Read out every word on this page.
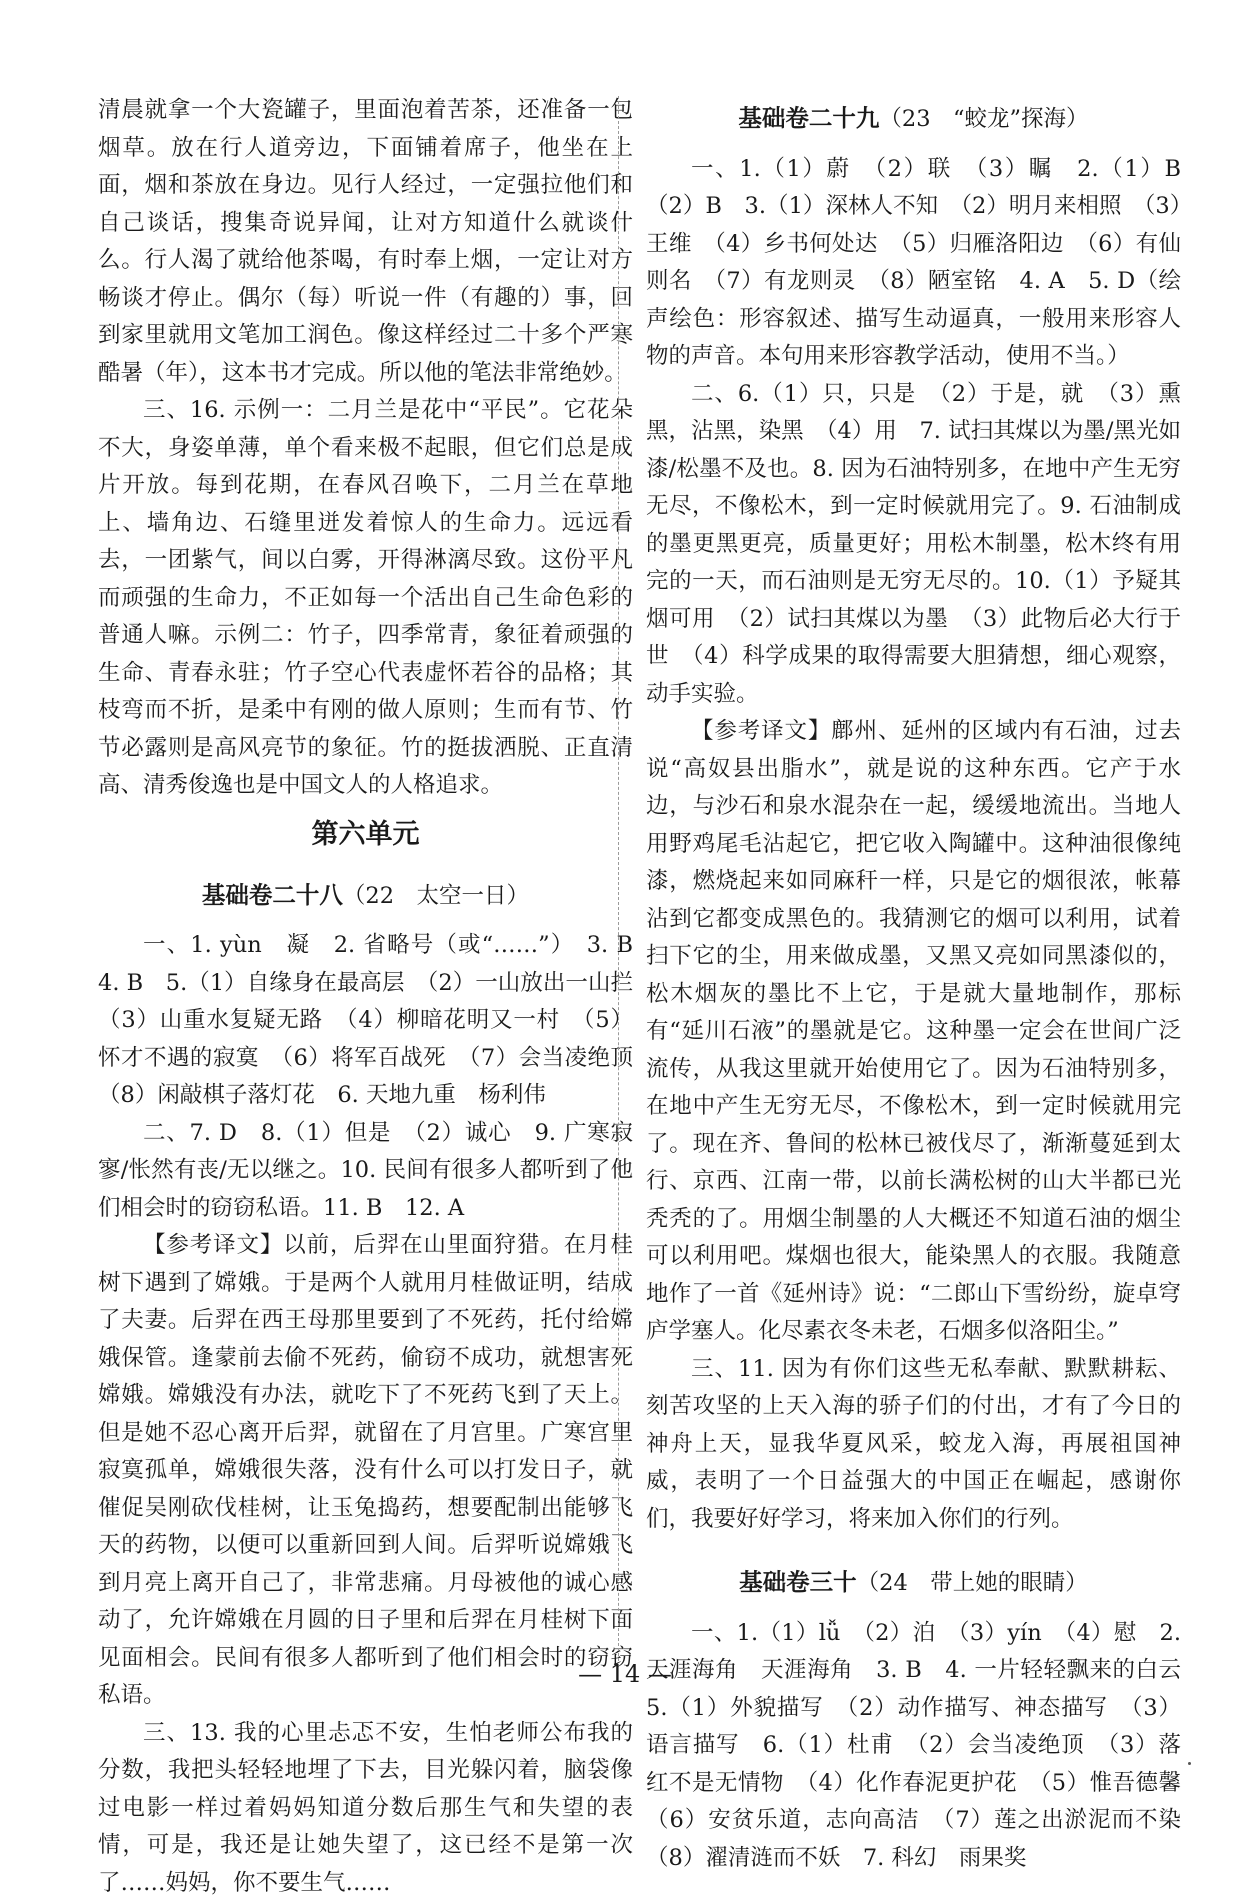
清晨就拿一个大瓷罐子，里面泡着苦茶，还准备一包烟草。放在行人道旁边，下面铺着席子，他坐在上面，烟和茶放在身边。见行人经过，一定强拉他们和自己谈话，搜集奇说异闻，让对方知道什么就谈什么。行人渴了就给他茶喝，有时奉上烟，一定让对方畅谈才停止。偶尔（每）听说一件（有趣的）事，回到家里就用文笔加工润色。像这样经过二十多个严寒酷暑（年），这本书才完成。所以他的笔法非常绝妙。

三、16. 示例一：二月兰是花中“平民”。它花朵不大，身姿单薄，单个看来极不起眼，但它们总是成片开放。每到花期，在春风召唤下，二月兰在草地上、墙角边、石缝里迸发着惊人的生命力。远远看去，一团紫气，间以白雾，开得淋漓尽致。这份平凡而顽强的生命力，不正如每一个活出自己生命色彩的普通人嘛。示例二：竹子，四季常青，象征着顽强的生命、青春永驻；竹子空心代表虚怀若谷的品格；其枝弯而不折，是柔中有刚的做人原则；生而有节、竹节必露则是高风亮节的象征。竹的挺拔洒脱、正直清高、清秀俊逸也是中国文人的人格追求。

第六单元
基础卷二十八（22　太空一日）

一、1. yùn　凝　2. 省略号（或“……”）　3. B　4. B　5.（1）自缘身在最高层　（2）一山放出一山拦　（3）山重水复疑无路　（4）柳暗花明又一村　（5）怀才不遇的寂寞　（6）将军百战死　（7）会当凌绝顶　（8）闲敲棋子落灯花　6. 天地九重　杨利伟

二、7. D　8.（1）但是　（2）诚心　9. 广寒寂寥/怅然有丧/无以继之。10. 民间有很多人都听到了他们相会时的窃窃私语。11. B　12. A

【参考译文】以前，后羿在山里面狩猎。在月桂树下遇到了嫦娥。于是两个人就用月桂做证明，结成了夫妻。后羿在西王母那里要到了不死药，托付给嫦娥保管。逢蒙前去偷不死药，偷窃不成功，就想害死嫦娥。嫦娥没有办法，就吃下了不死药飞到了天上。但是她不忍心离开后羿，就留在了月宫里。广寒宫里寂寞孤单，嫦娥很失落，没有什么可以打发日子，就催促吴刚砍伐桂树，让玉兔捣药，想要配制出能够飞天的药物，以便可以重新回到人间。后羿听说嫦娥飞到月亮上离开自己了，非常悲痛。月母被他的诚心感动了，允许嫦娥在月圆的日子里和后羿在月桂树下面见面相会。民间有很多人都听到了他们相会时的窃窃私语。

三、13. 我的心里忐忑不安，生怕老师公布我的分数，我把头轻轻地埋了下去，目光躲闪着，脑袋像过电影一样过着妈妈知道分数后那生气和失望的表情，可是，我还是让她失望了，这已经不是第一次了……妈妈，你不要生气……

基础卷二十九（23　“蛟龙”探海）

一、1.（1）蔚　（2）联　（3）瞩　2.（1）B　（2）B　3.（1）深林人不知　（2）明月来相照　（3）王维　（4）乡书何处达　（5）归雁洛阳边　（6）有仙则名　（7）有龙则灵　（8）陋室铭　4. A　5. D（绘声绘色：形容叙述、描写生动逼真，一般用来形容人物的声音。本句用来形容教学活动，使用不当。）

二、6.（1）只，只是　（2）于是，就　（3）熏黑，沾黑，染黑　（4）用　7. 试扫其煤以为墨/黑光如漆/松墨不及也。8. 因为石油特别多，在地中产生无穷无尽，不像松木，到一定时候就用完了。9. 石油制成的墨更黑更亮，质量更好；用松木制墨，松木终有用完的一天，而石油则是无穷无尽的。10.（1）予疑其烟可用　（2）试扫其煤以为墨　（3）此物后必大行于世　（4）科学成果的取得需要大胆猜想，细心观察，动手实验。

【参考译文】鄜州、延州的区域内有石油，过去说“高奴县出脂水”，就是说的这种东西。它产于水边，与沙石和泉水混杂在一起，缓缓地流出。当地人用野鸡尾毛沾起它，把它收入陶罐中。这种油很像纯漆，燃烧起来如同麻秆一样，只是它的烟很浓，帐幕沾到它都变成黑色的。我猜测它的烟可以利用，试着扫下它的尘，用来做成墨，又黑又亮如同黑漆似的，松木烟灰的墨比不上它，于是就大量地制作，那标有“延川石液”的墨就是它。这种墨一定会在世间广泛流传，从我这里就开始使用它了。因为石油特别多，在地中产生无穷无尽，不像松木，到一定时候就用完了。现在齐、鲁间的松林已被伐尽了，渐渐蔓延到太行、京西、江南一带，以前长满松树的山大半都已光秃秃的了。用烟尘制墨的人大概还不知道石油的烟尘可以利用吧。煤烟也很大，能染黑人的衣服。我随意地作了一首《延州诗》说：“二郎山下雪纷纷，旋卓穹庐学塞人。化尽素衣冬未老，石烟多似洛阳尘。”

三、11. 因为有你们这些无私奉献、默默耕耘、刻苦攻坚的上天入海的骄子们的付出，才有了今日的神舟上天，显我华夏风采，蛟龙入海，再展祖国神威，表明了一个日益强大的中国正在崛起，感谢你们，我要好好学习，将来加入你们的行列。

基础卷三十（24　带上她的眼睛）

一、1.（1）lǚ　（2）泊　（3）yín　（4）慰　2. 天涯海角　天涯海角　3. B　4. 一片轻轻飘来的白云　5.（1）外貌描写　（2）动作描写、神态描写　（3）语言描写　6.（1）杜甫　（2）会当凌绝顶　（3）落红不是无情物　（4）化作春泥更护花　（5）惟吾德馨　（6）安贫乐道，志向高洁　（7）莲之出淤泥而不染　（8）濯清涟而不妖　7. 科幻　雨果奖

— 14 —
